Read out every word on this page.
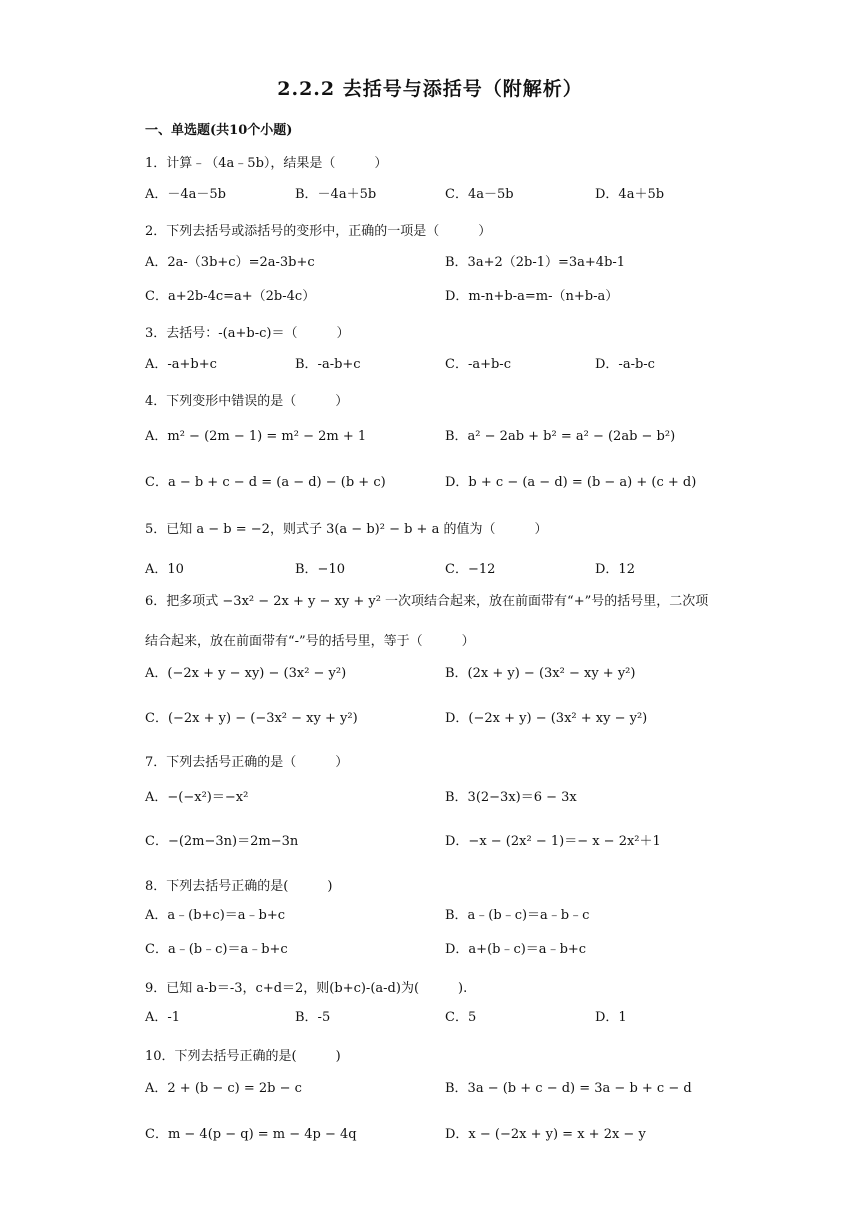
2.2.2 去括号与添括号（附解析）
一、单选题(共10个小题)
1．计算﹣（4a﹣5b），结果是（　　　）
A．－4a－5b	B．－4a＋5b	C．4a－5b	D．4a＋5b
2．下列去括号或添括号的变形中，正确的一项是（　　　）
A．2a-（3b+c）=2a-3b+c	B．3a+2（2b-1）=3a+4b-1
C．a+2b-4c=a+（2b-4c）	D．m-n+b-a=m-（n+b-a）
3．去括号：-(a+b-c)＝（　　　）
A．-a+b+c	B．-a-b+c	C．-a+b-c	D．-a-b-c
4．下列变形中错误的是（　　　）
A．m² − (2m − 1) = m² − 2m + 1	B．a² − 2ab + b² = a² − (2ab − b²)
C．a − b + c − d = (a − d) − (b + c)	D．b + c − (a − d) = (b − a) + (c + d)
5．已知 a − b = −2，则式子 3(a − b)² − b + a 的值为（　　　）
A．10	B．−10	C．−12	D．12
6．把多项式 −3x² − 2x + y − xy + y² 一次项结合起来，放在前面带有“+”号的括号里，二次项结合起来，放在前面带有“-”号的括号里，等于（　　　）
A．(−2x + y − xy) − (3x² − y²)	B．(2x + y) − (3x² − xy + y²)
C．(−2x + y) − (−3x² − xy + y²)	D．(−2x + y) − (3x² + xy − y²)
7．下列去括号正确的是（　　　）
A．−(−x²)＝−x²	B．3(2−3x)＝6 − 3x
C．−(2m−3n)＝2m−3n	D．−x − (2x² − 1)＝− x − 2x²＋1
8．下列去括号正确的是(　　　)
A．a﹣(b+c)＝a﹣b+c	B．a﹣(b﹣c)＝a﹣b﹣c
C．a﹣(b﹣c)＝a﹣b+c	D．a+(b﹣c)＝a﹣b+c
9．已知 a-b＝-3，c+d＝2，则(b+c)-(a-d)为(　　　).
A．-1	B．-5	C．5	D．1
10．下列去括号正确的是(　　　)
A．2 + (b − c) = 2b − c	B．3a − (b + c − d) = 3a − b + c − d
C．m − 4(p − q) = m − 4p − 4q	D．x − (−2x + y) = x + 2x − y
